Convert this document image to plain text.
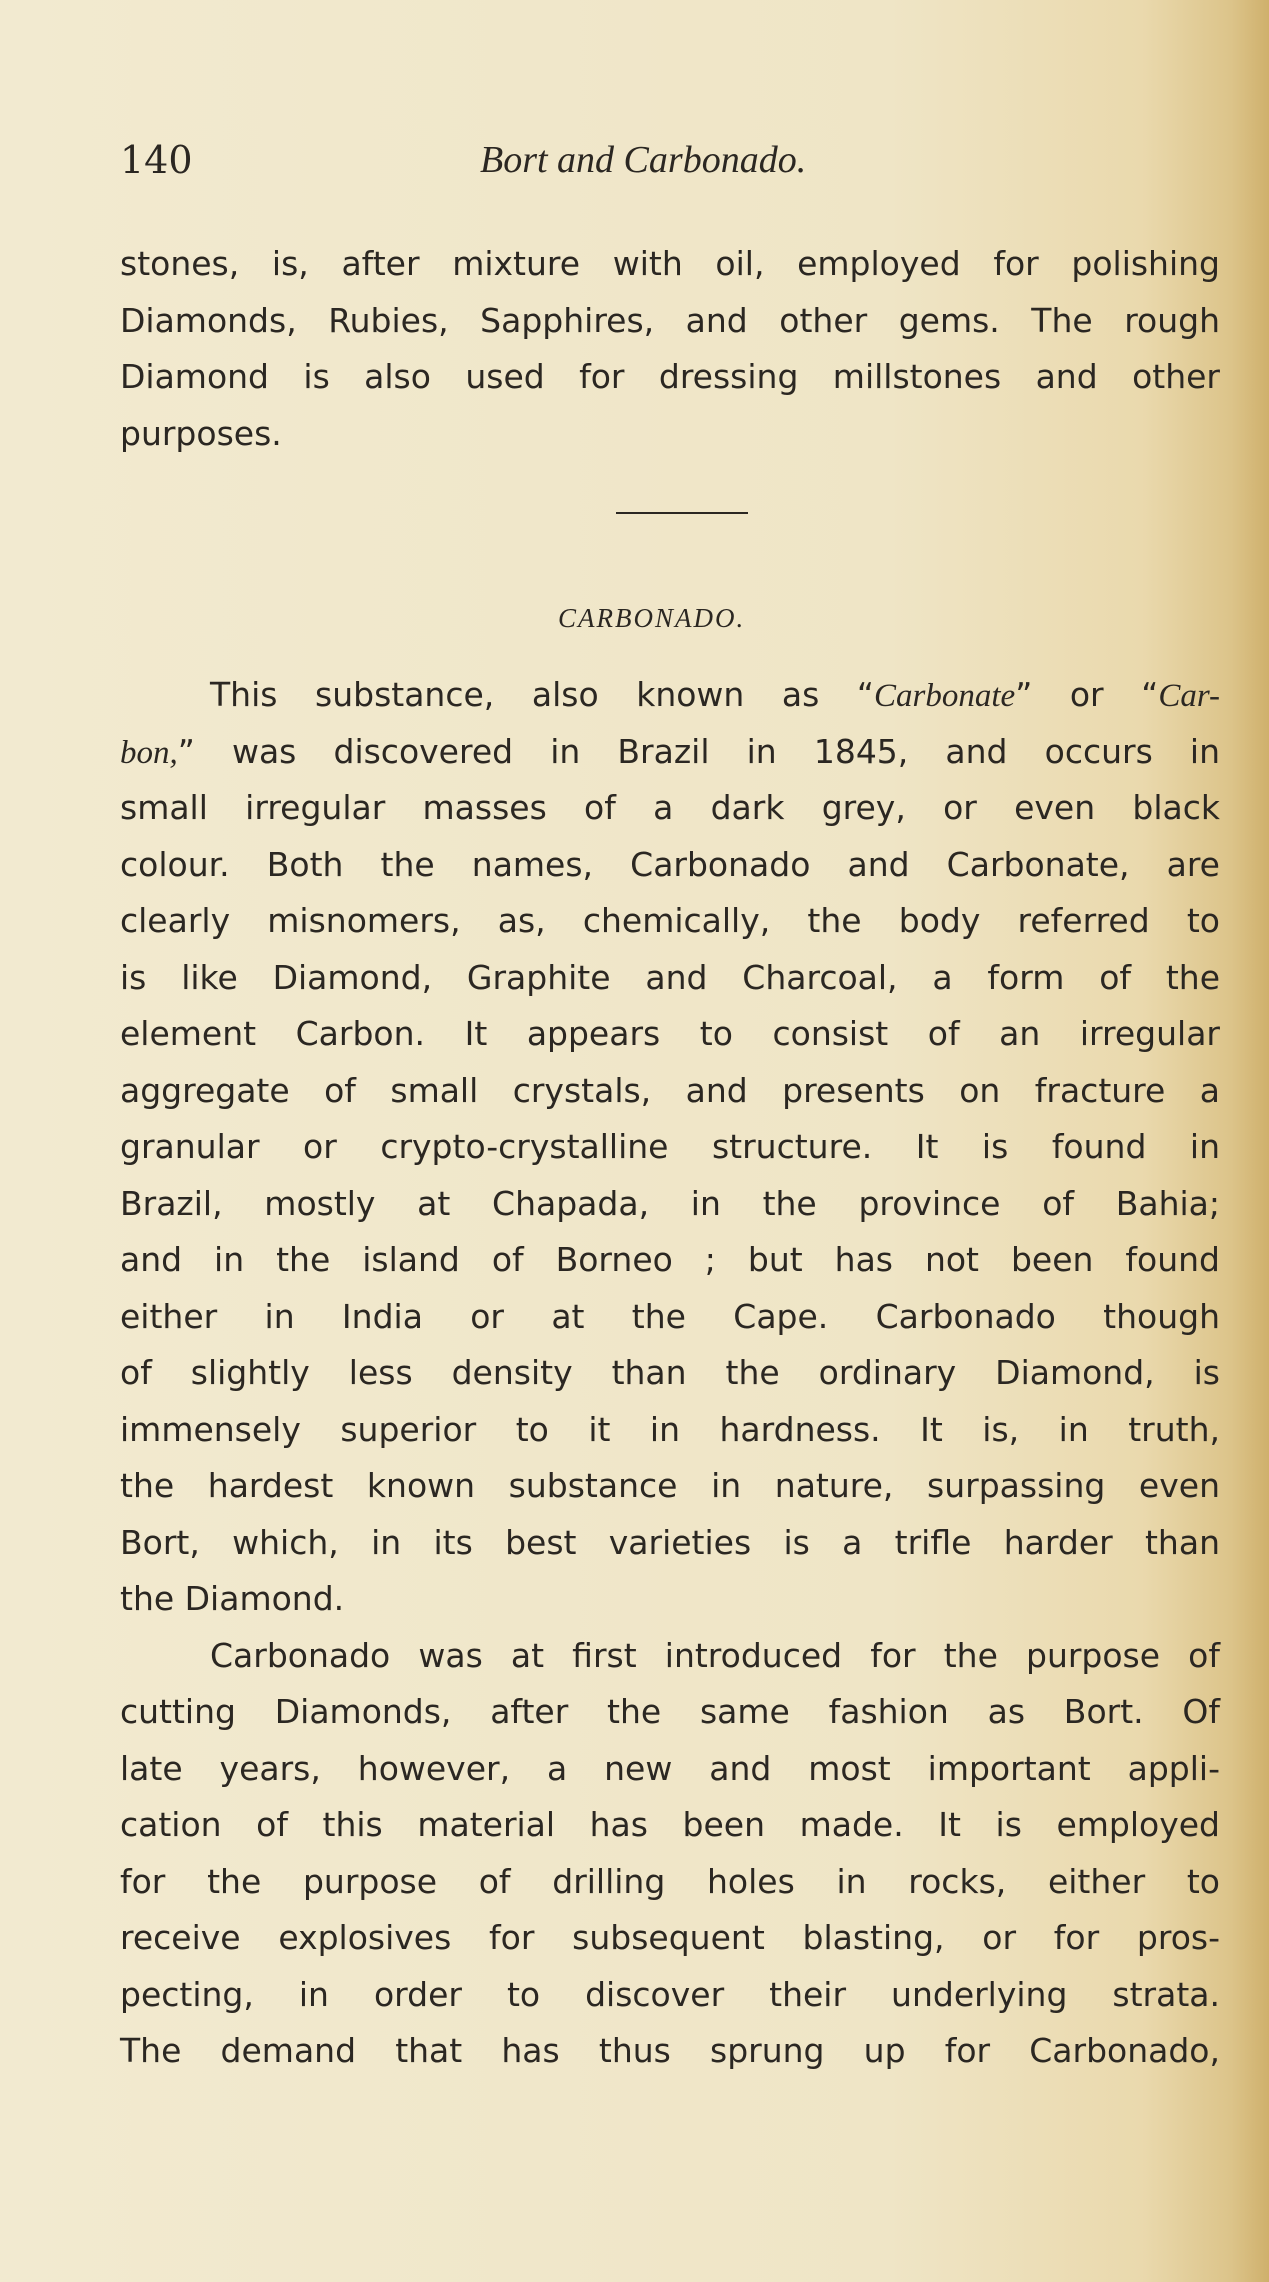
140	Bort and Carbonado.
stones, is, after mixture with oil, employed for polishing
Diamonds, Rubies, Sapphires, and other gems. The rough
Diamond is also used for dressing millstones and other
purposes.
CARBONADO.
This substance, also known as “Carbonate” or “Car-
bon,” was discovered in Brazil in 1845, and occurs in
small irregular masses of a dark grey, or even black
colour. Both the names, Carbonado and Carbonate, are
clearly misnomers, as, chemically, the body referred to
is like Diamond, Graphite and Charcoal, a form of the
element Carbon. It appears to consist of an irregular
aggregate of small crystals, and presents on fracture a
granular or crypto-crystalline structure. It is found in
Brazil, mostly at Chapada, in the province of Bahia;
and in the island of Borneo ; but has not been found
either in India or at the Cape. Carbonado though
of slightly less density than the ordinary Diamond, is
immensely superior to it in hardness. It is, in truth,
the hardest known substance in nature, surpassing even
Bort, which, in its best varieties is a trifle harder than
the Diamond.
Carbonado was at first introduced for the purpose of
cutting Diamonds, after the same fashion as Bort. Of
late years, however, a new and most important appli-
cation of this material has been made. It is employed
for the purpose of drilling holes in rocks, either to
receive explosives for subsequent blasting, or for pros-
pecting, in order to discover their underlying strata.
The demand that has thus sprung up for Carbonado,
